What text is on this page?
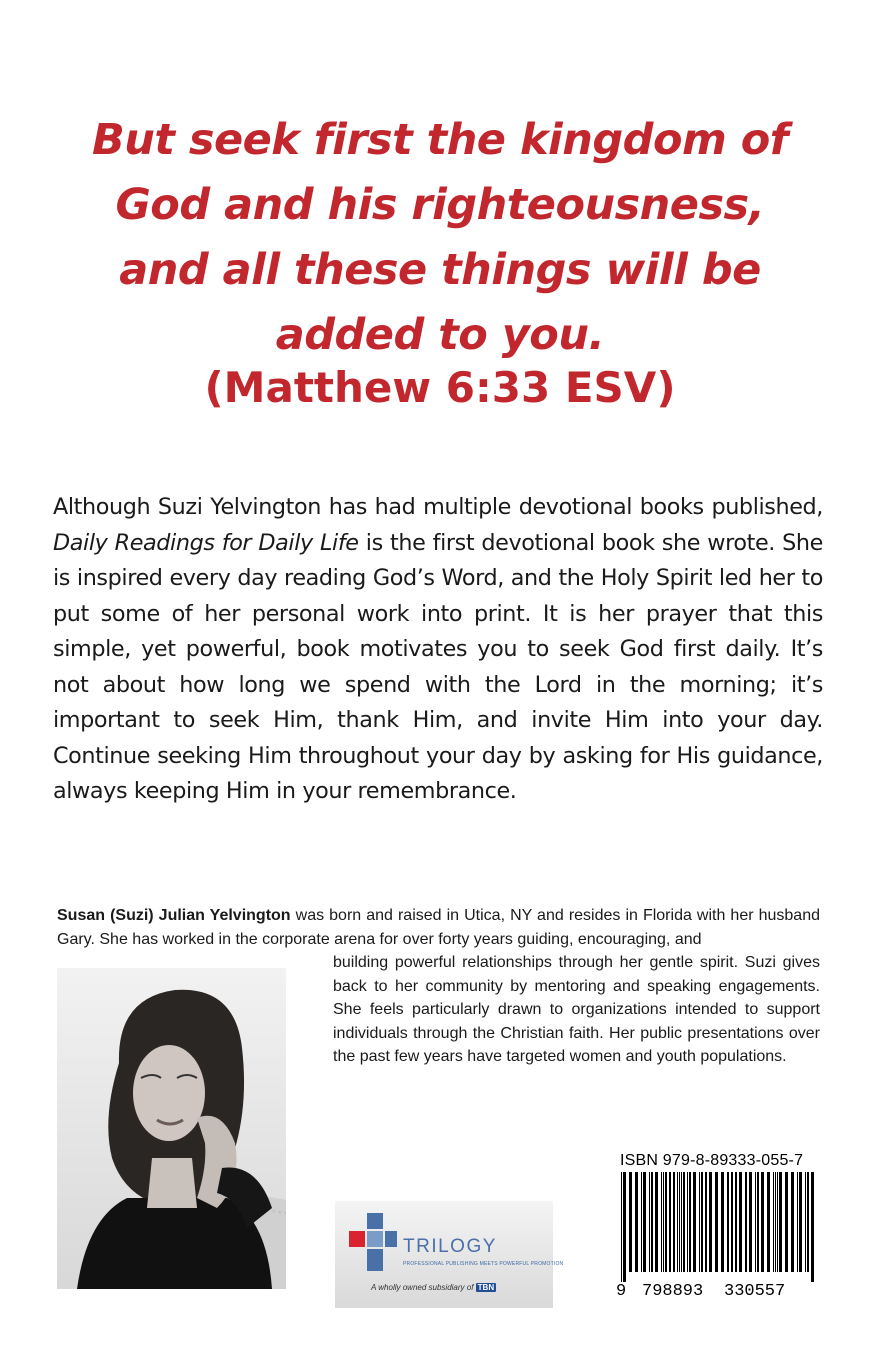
But seek first the kingdom of
God and his righteousness,
and all these things will be
added to you.
(Matthew 6:33 ESV)
Although Suzi Yelvington has had multiple devotional books published, Daily Readings for Daily Life is the first devotional book she wrote. She is inspired every day reading God’s Word, and the Holy Spirit led her to put some of her personal work into print. It is her prayer that this simple, yet powerful, book motivates you to seek God first daily. It’s not about how long we spend with the Lord in the morning; it’s important to seek Him, thank Him, and invite Him into your day. Continue seeking Him throughout your day by asking for His guidance, always keeping Him in your remembrance.
Susan (Suzi) Julian Yelvington was born and raised in Utica, NY and resides in Florida with her husband Gary. She has worked in the corporate arena for over forty years guiding, encouraging, and
building powerful relationships through her gentle spirit. Suzi gives back to her community by mentoring and speaking engagements. She feels particularly drawn to organizations intended to support individuals through the Christian faith. Her public presentations over the past few years have targeted women and youth populations.
TRILOGY
PROFESSIONAL PUBLISHING MEETS POWERFUL PROMOTION
A wholly owned subsidiary of TBN
ISBN 979-8-89333-055-7
9 798893 330557
